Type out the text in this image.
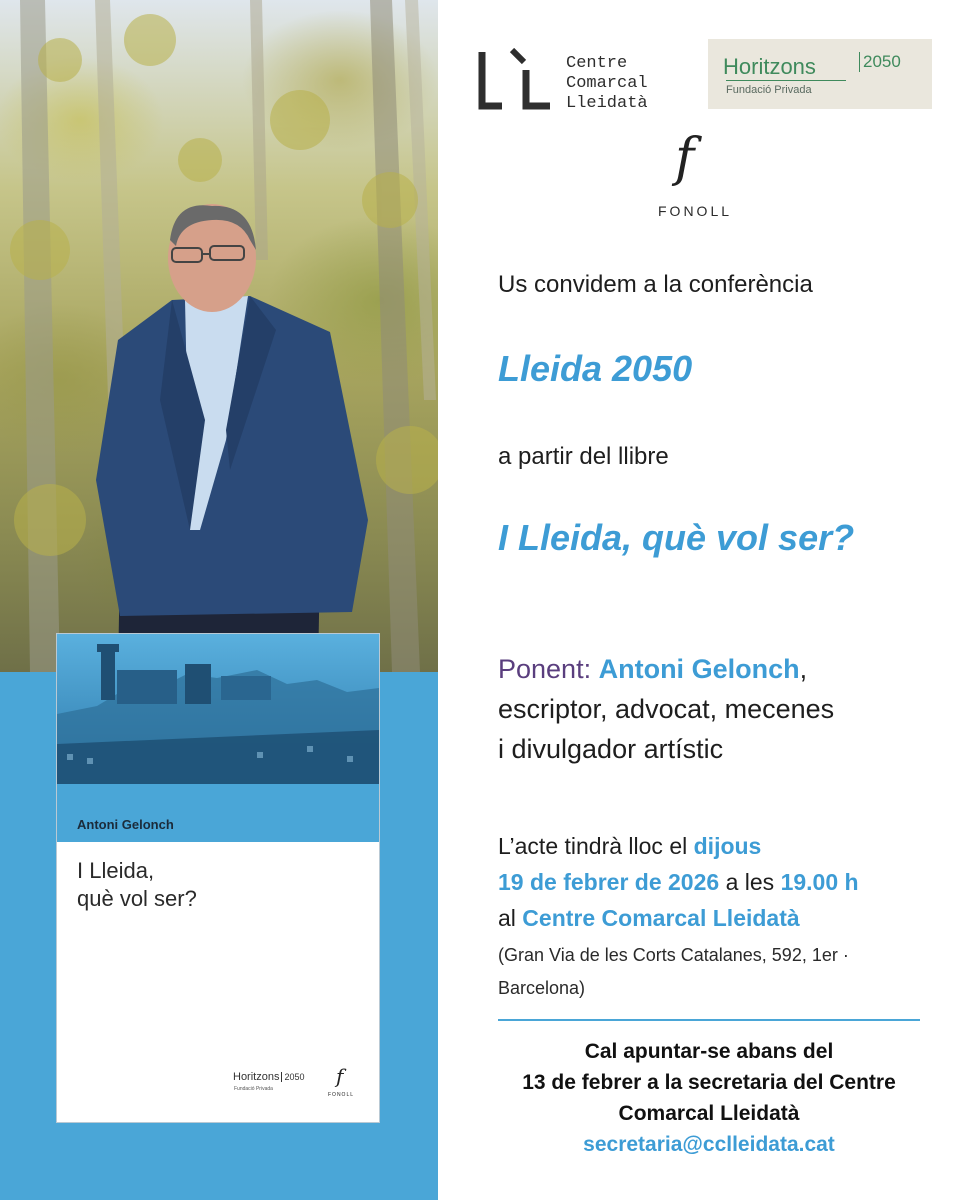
Antoni Gelonch
I Lleida,
què vol ser?
Horitzons 2050
Fundació Privada
f
FONOLL
Centre
Comarcal
Lleidatà
Horitzons	2050
Fundació Privada
f
FONOLL
Us convidem a la conferència
Lleida 2050
a partir del llibre
I Lleida, què vol ser?
Ponent: Antoni Gelonch,
escriptor, advocat, mecenes
i divulgador artístic
L’acte tindrà lloc el dijous
19 de febrer de 2026 a les 19.00 h
al Centre Comarcal Lleidatà
(Gran Via de les Corts Catalanes, 592, 1er ·
Barcelona)
Cal apuntar-se abans del
13 de febrer a la secretaria del Centre
Comarcal Lleidatà
secretaria@cclleidata.cat
